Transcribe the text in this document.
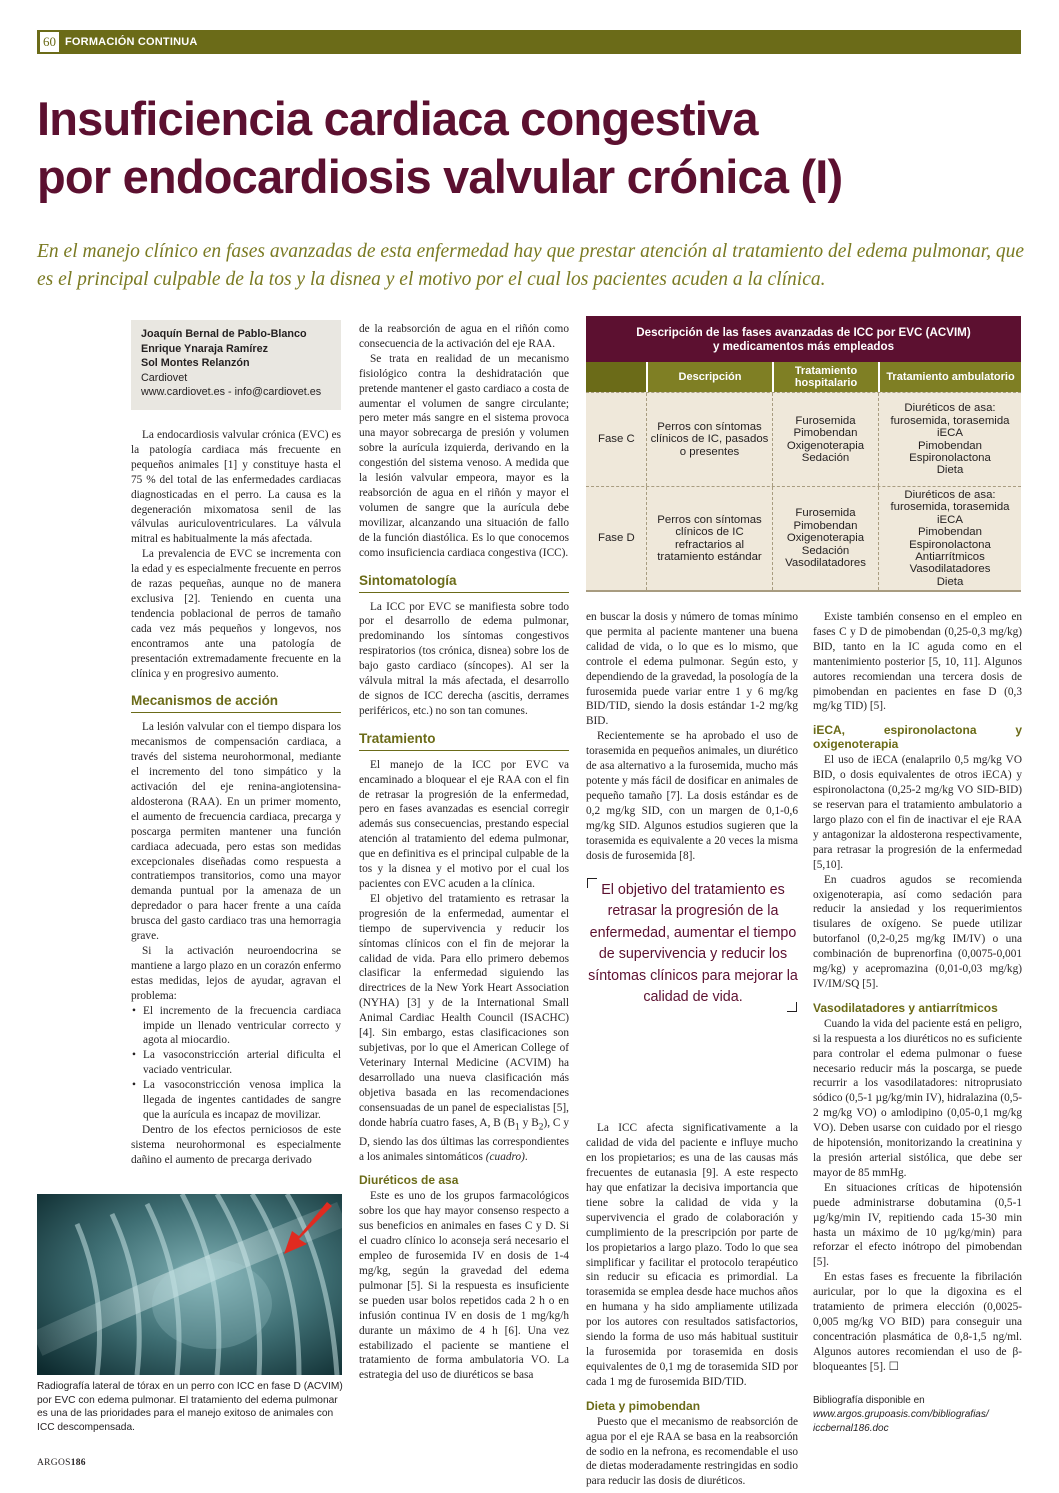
60 FORMACIÓN CONTINUA
Insuficiencia cardiaca congestiva
por endocardiosis valvular crónica (I)

En el manejo clínico en fases avanzadas de esta enfermedad hay que prestar atención al tratamiento del edema pulmonar, que es el principal culpable de la tos y la disnea y el motivo por el cual los pacientes acuden a la clínica.

Joaquín Bernal de Pablo-Blanco
Enrique Ynaraja Ramírez
Sol Montes Relanzón
Cardiovet
www.cardiovet.es - info@cardiovet.es

La endocardiosis valvular crónica (EVC) es la patología cardiaca más frecuente en pequeños animales [1] y constituye hasta el 75 % del total de las enfermedades cardiacas diagnosticadas en el perro. La causa es la degeneración mixomatosa senil de las válvulas auriculoventriculares. La válvula mitral es habitualmente la más afectada.

La prevalencia de EVC se incrementa con la edad y es especialmente frecuente en perros de razas pequeñas, aunque no de manera exclusiva [2]. Teniendo en cuenta una tendencia poblacional de perros de tamaño cada vez más pequeños y longevos, nos encontramos ante una patología de presentación extremadamente frecuente en la clínica y en progresivo aumento.

Mecanismos de acción

La lesión valvular con el tiempo dispara los mecanismos de compensación cardiaca, a través del sistema neurohormonal, mediante el incremento del tono simpático y la activación del eje renina-angiotensina-aldosterona (RAA). En un primer momento, el aumento de frecuencia cardiaca, precarga y poscarga permiten mantener una función cardiaca adecuada, pero estas son medidas excepcionales diseñadas como respuesta a contratiempos transitorios, como una mayor demanda puntual por la amenaza de un depredador o para hacer frente a una caída brusca del gasto cardiaco tras una hemorragia grave.

Si la activación neuroendocrina se mantiene a largo plazo en un corazón enfermo estas medidas, lejos de ayudar, agravan el problema:

• El incremento de la frecuencia cardiaca impide un llenado ventricular correcto y agota al miocardio.
• La vasoconstricción arterial dificulta el vaciado ventricular.
• La vasoconstricción venosa implica la llegada de ingentes cantidades de sangre que la aurícula es incapaz de movilizar.

Dentro de los efectos perniciosos de este sistema neurohormonal es especialmente dañino el aumento de precarga derivado

de la reabsorción de agua en el riñón como consecuencia de la activación del eje RAA.

Se trata en realidad de un mecanismo fisiológico contra la deshidratación que pretende mantener el gasto cardiaco a costa de aumentar el volumen de sangre circulante; pero meter más sangre en el sistema provoca una mayor sobrecarga de presión y volumen sobre la aurícula izquierda, derivando en la congestión del sistema venoso. A medida que la lesión valvular empeora, mayor es la reabsorción de agua en el riñón y mayor el volumen de sangre que la aurícula debe movilizar, alcanzando una situación de fallo de la función diastólica. Es lo que conocemos como insuficiencia cardiaca congestiva (ICC).

Sintomatología

La ICC por EVC se manifiesta sobre todo por el desarrollo de edema pulmonar, predominando los síntomas congestivos respiratorios (tos crónica, disnea) sobre los de bajo gasto cardiaco (síncopes). Al ser la válvula mitral la más afectada, el desarrollo de signos de ICC derecha (ascitis, derrames periféricos, etc.) no son tan comunes.

Tratamiento

El manejo de la ICC por EVC va encaminado a bloquear el eje RAA con el fin de retrasar la progresión de la enfermedad, pero en fases avanzadas es esencial corregir además sus consecuencias, prestando especial atención al tratamiento del edema pulmonar, que en definitiva es el principal culpable de la tos y la disnea y el motivo por el cual los pacientes con EVC acuden a la clínica.

El objetivo del tratamiento es retrasar la progresión de la enfermedad, aumentar el tiempo de supervivencia y reducir los síntomas clínicos con el fin de mejorar la calidad de vida. Para ello primero debemos clasificar la enfermedad siguiendo las directrices de la New York Heart Association (NYHA) [3] y de la International Small Animal Cardiac Health Council (ISACHC) [4]. Sin embargo, estas clasificaciones son subjetivas, por lo que el American College of Veterinary Internal Medicine (ACVIM) ha desarrollado una nueva clasificación más objetiva basada en las recomendaciones consensuadas de un panel de especialistas [5], donde habría cuatro fases, A, B ($B_1$ y $B_2$), C y D, siendo las dos últimas las correspondientes a los animales sintomáticos (cuadro).

Diuréticos de asa

Este es uno de los grupos farmacológicos sobre los que hay mayor consenso respecto a sus beneficios en animales en fases C y D. Si el cuadro clínico lo aconseja será necesario el empleo de furosemida IV en dosis de 1-4 mg/kg, según la gravedad del edema pulmonar [5]. Si la respuesta es insuficiente se pueden usar bolos repetidos cada 2 h o en infusión continua IV en dosis de 1 mg/kg/h durante un máximo de 4 h [6]. Una vez estabilizado el paciente se mantiene el tratamiento de forma ambulatoria VO. La estrategia del uso de diuréticos se basa

Descripción de las fases avanzadas de ICC por EVC (ACVIM)
y medicamentos más empleados
Descripción	Tratamiento hospitalario	Tratamiento ambulatorio
Fase C
Perros con síntomas clínicos de IC, pasados o presentes
Furosemida
Pimobendan
Oxigenoterapia
Sedación
Diuréticos de asa:
furosemida, torasemida
iECA
Pimobendan
Espironolactona
Dieta
Fase D
Perros con síntomas clínicos de IC refractarios al tratamiento estándar
Furosemida
Pimobendan
Oxigenoterapia
Sedación
Vasodilatadores
Diuréticos de asa:
furosemida, torasemida
iECA
Pimobendan
Espironolactona
Antiarrítmicos
Vasodilatadores
Dieta

en buscar la dosis y número de tomas mínimo que permita al paciente mantener una buena calidad de vida, o lo que es lo mismo, que controle el edema pulmonar. Según esto, y dependiendo de la gravedad, la posología de la furosemida puede variar entre 1 y 6 mg/kg BID/TID, siendo la dosis estándar 1-2 mg/kg BID.

Recientemente se ha aprobado el uso de torasemida en pequeños animales, un diurético de asa alternativo a la furosemida, mucho más potente y más fácil de dosificar en animales de pequeño tamaño [7]. La dosis estándar es de 0,2 mg/kg SID, con un margen de 0,1-0,6 mg/kg SID. Algunos estudios sugieren que la torasemida es equivalente a 20 veces la misma dosis de furosemida [8].

La ICC afecta significativamente a la calidad de vida del paciente e influye mucho en los propietarios; es una de las causas más frecuentes de eutanasia [9]. A este respecto hay que enfatizar la decisiva importancia que tiene sobre la calidad de vida y la supervivencia el grado de colaboración y cumplimiento de la prescripción por parte de los propietarios a largo plazo. Todo lo que sea simplificar y facilitar el protocolo terapéutico sin reducir su eficacia es primordial. La torasemida se emplea desde hace muchos años en humana y ha sido ampliamente utilizada por los autores con resultados satisfactorios, siendo la forma de uso más habitual sustituir la furosemida por torasemida en dosis equivalentes de 0,1 mg de torasemida SID por cada 1 mg de furosemida BID/TID.

Dieta y pimobendan

Puesto que el mecanismo de reabsorción de agua por el eje RAA se basa en la reabsorción de sodio en la nefrona, es recomendable el uso de dietas moderadamente restringidas en sodio para reducir las dosis de diuréticos.

El objetivo del tratamiento es retrasar la progresión de la enfermedad, aumentar el tiempo de supervivencia y reducir los síntomas clínicos para mejorar la calidad de vida.

Existe también consenso en el empleo en fases C y D de pimobendan (0,25-0,3 mg/kg) BID, tanto en la IC aguda como en el mantenimiento posterior [5, 10, 11]. Algunos autores recomiendan una tercera dosis de pimobendan en pacientes en fase D (0,3 mg/kg TID) [5].

iECA, espironolactona y oxigenoterapia

El uso de iECA (enalaprilo 0,5 mg/kg VO BID, o dosis equivalentes de otros iECA) y espironolactona (0,25-2 mg/kg VO SID-BID) se reservan para el tratamiento ambulatorio a largo plazo con el fin de inactivar el eje RAA y antagonizar la aldosterona respectivamente, para retrasar la progresión de la enfermedad [5,10].

En cuadros agudos se recomienda oxigenoterapia, así como sedación para reducir la ansiedad y los requerimientos tisulares de oxígeno. Se puede utilizar butorfanol (0,2-0,25 mg/kg IM/IV) o una combinación de buprenorfina (0,0075-0,001 mg/kg) y acepromazina (0,01-0,03 mg/kg) IV/IM/SQ [5].

Vasodilatadores y antiarrítmicos

Cuando la vida del paciente está en peligro, si la respuesta a los diuréticos no es suficiente para controlar el edema pulmonar o fuese necesario reducir más la poscarga, se puede recurrir a los vasodilatadores: nitroprusiato sódico (0,5-1 µg/kg/min IV), hidralazina (0,5-2 mg/kg VO) o amlodipino (0,05-0,1 mg/kg VO). Deben usarse con cuidado por el riesgo de hipotensión, monitorizando la creatinina y la presión arterial sistólica, que debe ser mayor de 85 mmHg.

En situaciones críticas de hipotensión puede administrarse dobutamina (0,5-1 µg/kg/min IV, repitiendo cada 15-30 min hasta un máximo de 10 µg/kg/min) para reforzar el efecto inótropo del pimobendan [5].

En estas fases es frecuente la fibrilación auricular, por lo que la digoxina es el tratamiento de primera elección (0,0025-0,005 mg/kg VO BID) para conseguir una concentración plasmática de 0,8-1,5 ng/ml. Algunos autores recomiendan el uso de β-bloqueantes [5]. ☐

Radiografía lateral de tórax en un perro con ICC en fase D (ACVIM) por EVC con edema pulmonar. El tratamiento del edema pulmonar es una de las prioridades para el manejo exitoso de animales con ICC descompensada.
Bibliografía disponible en
www.argos.grupoasis.com/bibliografias/
iccbernal186.doc
ARGOS186
